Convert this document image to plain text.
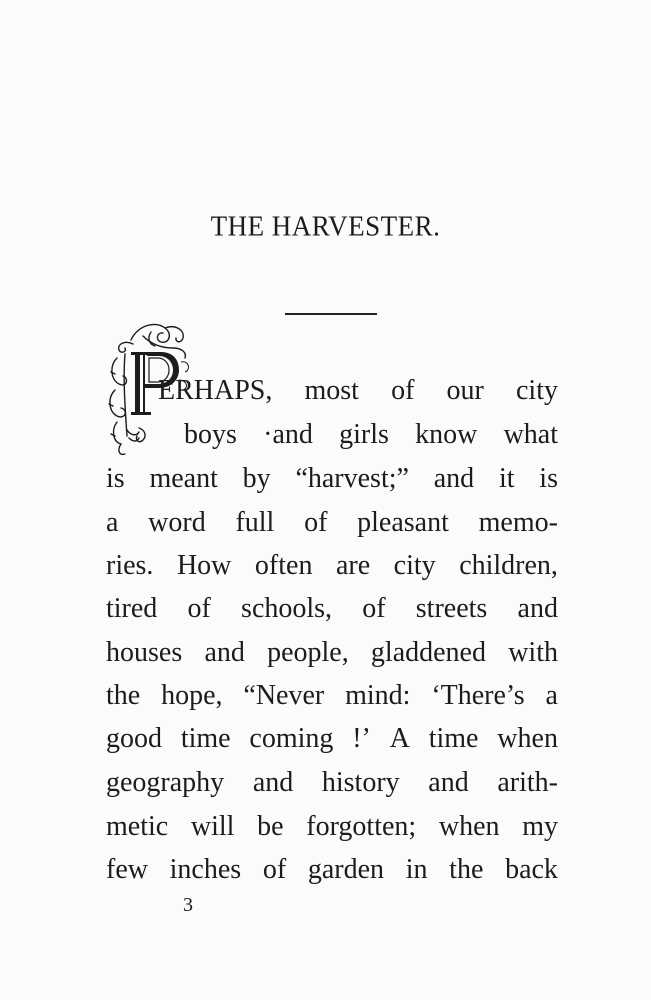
THE HARVESTER.
ERHAPS, most of our city
boys ·and girls know what
is meant by “harvest;” and it is
a word full of pleasant memo-
ries. How often are city children,
tired of schools, of streets and
houses and people, gladdened with
the hope, “Never mind: ‘There’s a
good time coming !’ A time when
geography and history and arith-
metic will be forgotten; when my
few inches of garden in the back
3
